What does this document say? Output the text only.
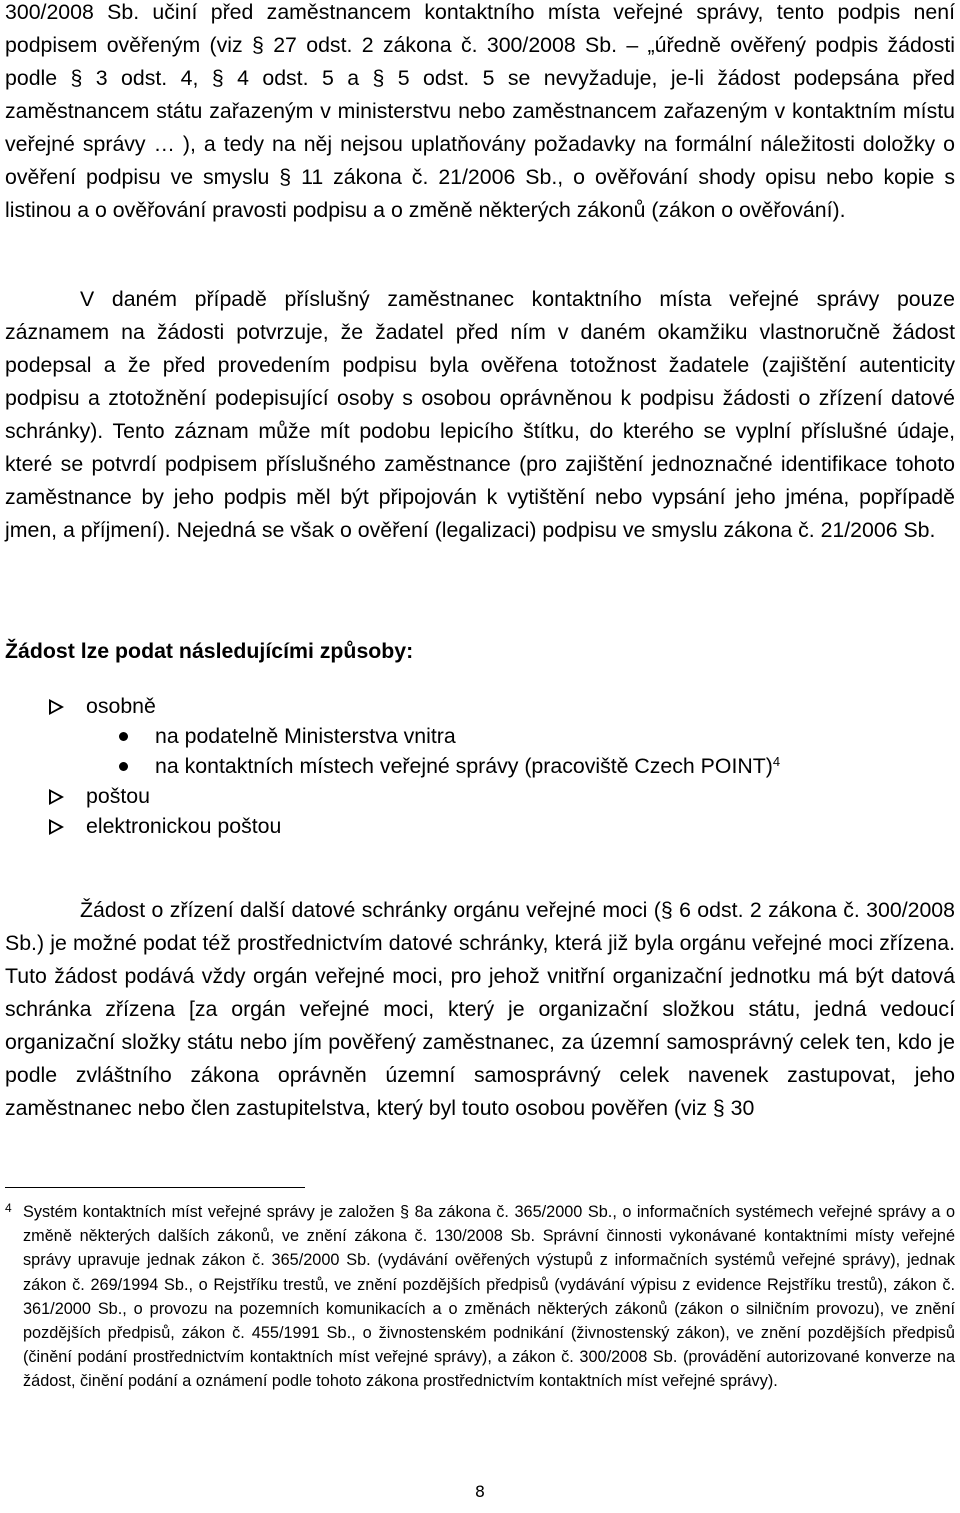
300/2008 Sb. učiní před zaměstnancem kontaktního místa veřejné správy, tento podpis není podpisem ověřeným (viz § 27 odst. 2 zákona č. 300/2008 Sb. – „úředně ověřený podpis žádosti podle § 3 odst. 4, § 4 odst. 5 a § 5 odst. 5 se nevyžaduje, je-li žádost podepsána před zaměstnancem státu zařazeným v ministerstvu nebo zaměstnancem zařazeným v kontaktním místu veřejné správy … ), a tedy na něj nejsou uplatňovány požadavky na formální náležitosti doložky o ověření podpisu ve smyslu § 11 zákona č. 21/2006 Sb., o ověřování shody opisu nebo kopie s listinou a o ověřování pravosti podpisu a o změně některých zákonů (zákon o ověřování).

V daném případě příslušný zaměstnanec kontaktního místa veřejné správy pouze záznamem na žádosti potvrzuje, že žadatel před ním v daném okamžiku vlastnoručně žádost podepsal a že před provedením podpisu byla ověřena totožnost žadatele (zajištění autenticity podpisu a ztotožnění podepisující osoby s osobou oprávněnou k podpisu žádosti o zřízení datové schránky). Tento záznam může mít podobu lepicího štítku, do kterého se vyplní příslušné údaje, které se potvrdí podpisem příslušného zaměstnance (pro zajištění jednoznačné identifikace tohoto zaměstnance by jeho podpis měl být připojován k vytištění nebo vypsání jeho jména, popřípadě jmen, a příjmení). Nejedná se však o ověření (legalizaci) podpisu ve smyslu zákona č. 21/2006 Sb.

Žádost lze podat následujícími způsoby:
osobně
na podatelně Ministerstva vnitra
na kontaktních místech veřejné správy (pracoviště Czech POINT)$^4$
poštou
elektronickou poštou

Žádost o zřízení další datové schránky orgánu veřejné moci (§ 6 odst. 2 zákona č. 300/2008 Sb.) je možné podat též prostřednictvím datové schránky, která již byla orgánu veřejné moci zřízena. Tuto žádost podává vždy orgán veřejné moci, pro jehož vnitřní organizační jednotku má být datová schránka zřízena [za orgán veřejné moci, který je organizační složkou státu, jedná vedoucí organizační složky státu nebo jím pověřený zaměstnanec, za územní samosprávný celek ten, kdo je podle zvláštního zákona oprávněn územní samosprávný celek navenek zastupovat, jeho zaměstnanec nebo člen zastupitelstva, který byl touto osobou pověřen (viz § 30

4 Systém kontaktních míst veřejné správy je založen § 8a zákona č. 365/2000 Sb., o informačních systémech veřejné správy a o změně některých dalších zákonů, ve znění zákona č. 130/2008 Sb. Správní činnosti vykonávané kontaktními místy veřejné správy upravuje jednak zákon č. 365/2000 Sb. (vydávání ověřených výstupů z informačních systémů veřejné správy), jednak zákon č. 269/1994 Sb., o Rejstříku trestů, ve znění pozdějších předpisů (vydávání výpisu z evidence Rejstříku trestů), zákon č. 361/2000 Sb., o provozu na pozemních komunikacích a o změnách některých zákonů (zákon o silničním provozu), ve znění pozdějších předpisů, zákon č. 455/1991 Sb., o živnostenském podnikání (živnostenský zákon), ve znění pozdějších předpisů (činění podání prostřednictvím kontaktních míst veřejné správy), a zákon č. 300/2008 Sb. (provádění autorizované konverze na žádost, činění podání a oznámení podle tohoto zákona prostřednictvím kontaktních míst veřejné správy).

8
